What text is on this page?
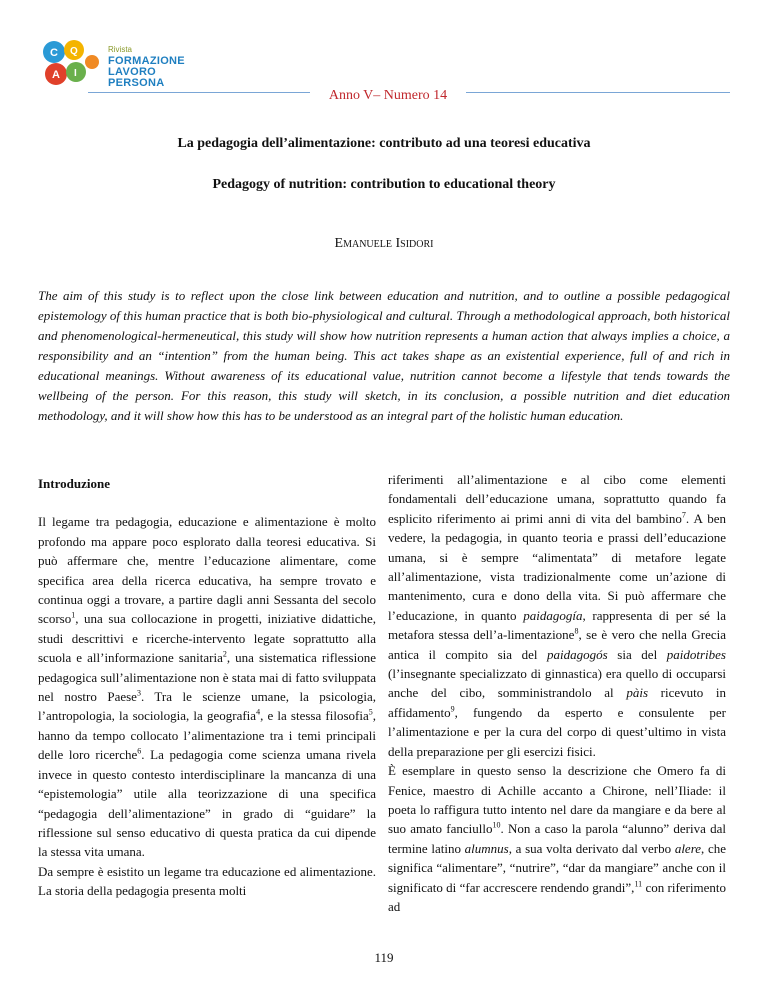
C Q
A I
Rivista
FORMAZIONE
LAVORO
PERSONA
Anno V– Numero 14
La pedagogia dell’alimentazione: contributo ad una teoresi educativa
Pedagogy of nutrition: contribution to educational theory
Emanuele Isidori

The aim of this study is to reflect upon the close link between education and nutrition, and to outline a possible pedagogical epistemology of this human practice that is both bio-physiological and cultural. Through a methodological approach, both historical and phenomenological-hermeneutical, this study will show how nutrition represents a human action that always implies a choice, a responsibility and an “intention” from the human being. This act takes shape as an existential experience, full of and rich in educational meanings. Without awareness of its educational value, nutrition cannot become a lifestyle that tends towards the wellbeing of the person. For this reason, this study will sketch, in its conclusion, a possible nutrition and diet education methodology, and it will show how this has to be understood as an integral part of the holistic human education.

Introduzione

Il legame tra pedagogia, educazione e alimentazione è molto profondo ma appare poco esplorato dalla teoresi educativa. Si può affermare che, mentre l’educazione alimentare, come specifica area della ricerca educativa, ha sempre trovato e continua oggi a trovare, a partire dagli anni Sessanta del secolo scorso$^1$, una sua collocazione in progetti, iniziative didattiche, studi descrittivi e ricerche-intervento legate soprattutto alla scuola e all’informazione sanitaria$^2$, una sistematica riflessione pedagogica sull’alimentazione non è stata mai di fatto sviluppata nel nostro Paese$^3$. Tra le scienze umane, la psicologia, l’antropologia, la sociologia, la geografia$^4$, e la stessa filosofia$^5$, hanno da tempo collocato l’alimentazione tra i temi principali delle loro ricerche$^6$. La pedagogia come scienza umana rivela invece in questo contesto interdisciplinare la mancanza di una “epistemologia” utile alla teorizzazione di una specifica “pedagogia dell’alimentazione” in grado di “guidare” la riflessione sul senso educativo di questa pratica da cui dipende la stessa vita umana.

Da sempre è esistito un legame tra educazione ed alimentazione. La storia della pedagogia presenta molti

riferimenti all’alimentazione e al cibo come elementi fondamentali dell’educazione umana, soprattutto quando fa esplicito riferimento ai primi anni di vita del bambino$^7$. A ben vedere, la pedagogia, in quanto teoria e prassi dell’educazione umana, si è sempre “alimentata” di metafore legate all’alimentazione, vista tradizionalmente come un’azione di mantenimento, cura e dono della vita. Si può affermare che l’educazione, in quanto paidagogía, rappresenta di per sé la metafora stessa dell’a-limentazione$^8$, se è vero che nella Grecia antica il compito sia del paidagogós sia del paidotribes (l’insegnante specializzato di ginnastica) era quello di occuparsi anche del cibo, somministrandolo al pàis ricevuto in affidamento$^9$, fungendo da esperto e consulente per l’alimentazione e per la cura del corpo di quest’ultimo in vista della preparazione per gli esercizi fisici.

È esemplare in questo senso la descrizione che Omero fa di Fenice, maestro di Achille accanto a Chirone, nell’Iliade: il poeta lo raffigura tutto intento nel dare da mangiare e da bere al suo amato fanciullo$^{10}$. Non a caso la parola “alunno” deriva dal termine latino alumnus, a sua volta derivato dal verbo alere, che significa “alimentare”, “nutrire”, “dar da mangiare” anche con il significato di “far accrescere rendendo grandi”,$^{11}$ con riferimento ad

119
